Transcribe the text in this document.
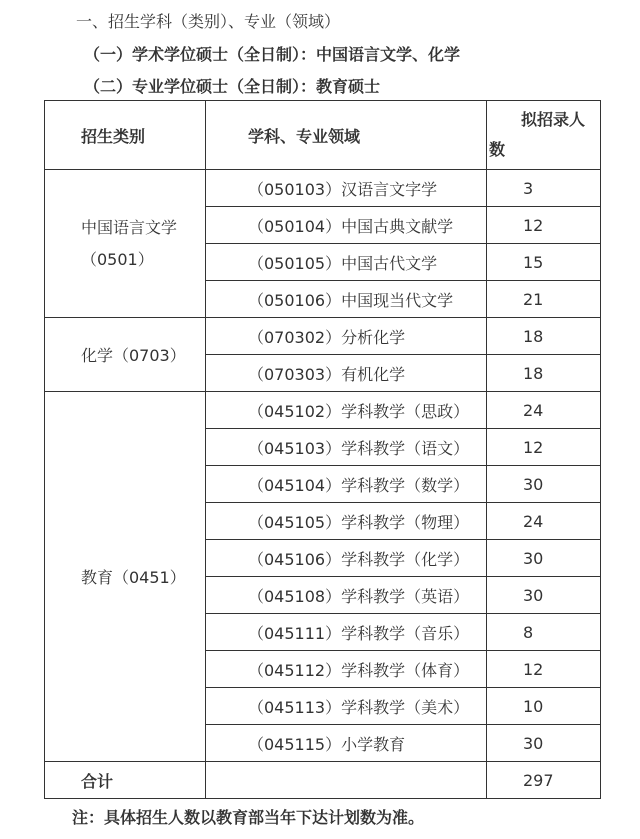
一、招生学科（类别）、专业（领域）
（一）学术学位硕士（全日制）：中国语言文学、化学
（二）专业学位硕士（全日制）：教育硕士
招生类别	学科、专业领域	拟招录人
数

中国语言文学
（0501）	（050103）汉语言文字学	3
	（050104）中国古典文献学	12
	（050105）中国古代文学	15
	（050106）中国现当代文学	21
化学（0703）	（070302）分析化学	18
	（070303）有机化学	18
教育（0451）	（045102）学科教学（思政）	24
	（045103）学科教学（语文）	12
	（045104）学科教学（数学）	30
	（045105）学科教学（物理）	24
	（045106）学科教学（化学）	30
	（045108）学科教学（英语）	30
	（045111）学科教学（音乐）	8
	（045112）学科教学（体育）	12
	（045113）学科教学（美术）	10
	（045115）小学教育	30
合计		297
注：具体招生人数以教育部当年下达计划数为准。
